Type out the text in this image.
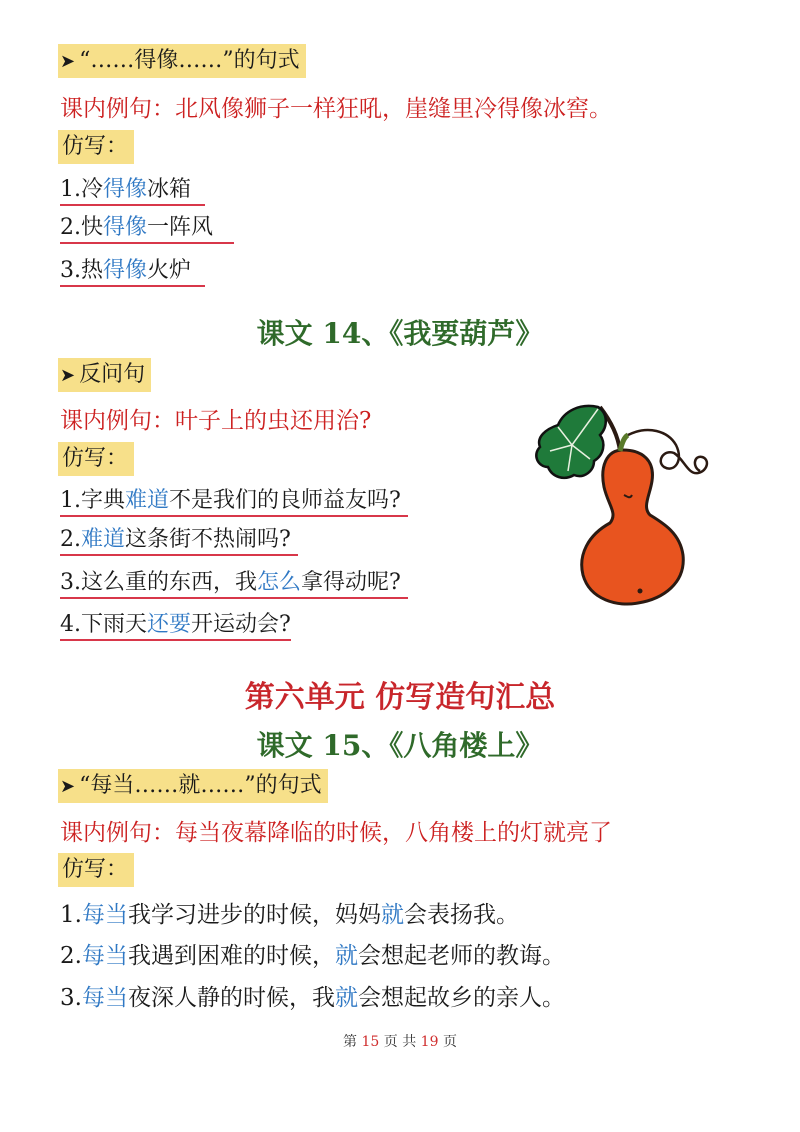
➤ “……得像……”的句式
课内例句：北风像狮子一样狂吼，崖缝里冷得像冰窖。
仿写：
1.冷得像冰箱
2.快得像一阵风
3.热得像火炉
课文 14、《我要葫芦》
➤ 反问句
课内例句：叶子上的虫还用治?
仿写：
1.字典难道不是我们的良师益友吗?
2.难道这条街不热闹吗?
3.这么重的东西，我怎么拿得动呢?
4.下雨天还要开运动会?
第六单元 仿写造句汇总
课文 15、《八角楼上》
➤ “每当……就……”的句式
课内例句：每当夜幕降临的时候，八角楼上的灯就亮了
仿写：
1.每当我学习进步的时候，妈妈就会表扬我。
2.每当我遇到困难的时候，就会想起老师的教诲。
3.每当夜深人静的时候，我就会想起故乡的亲人。
第 15 页 共 19 页
